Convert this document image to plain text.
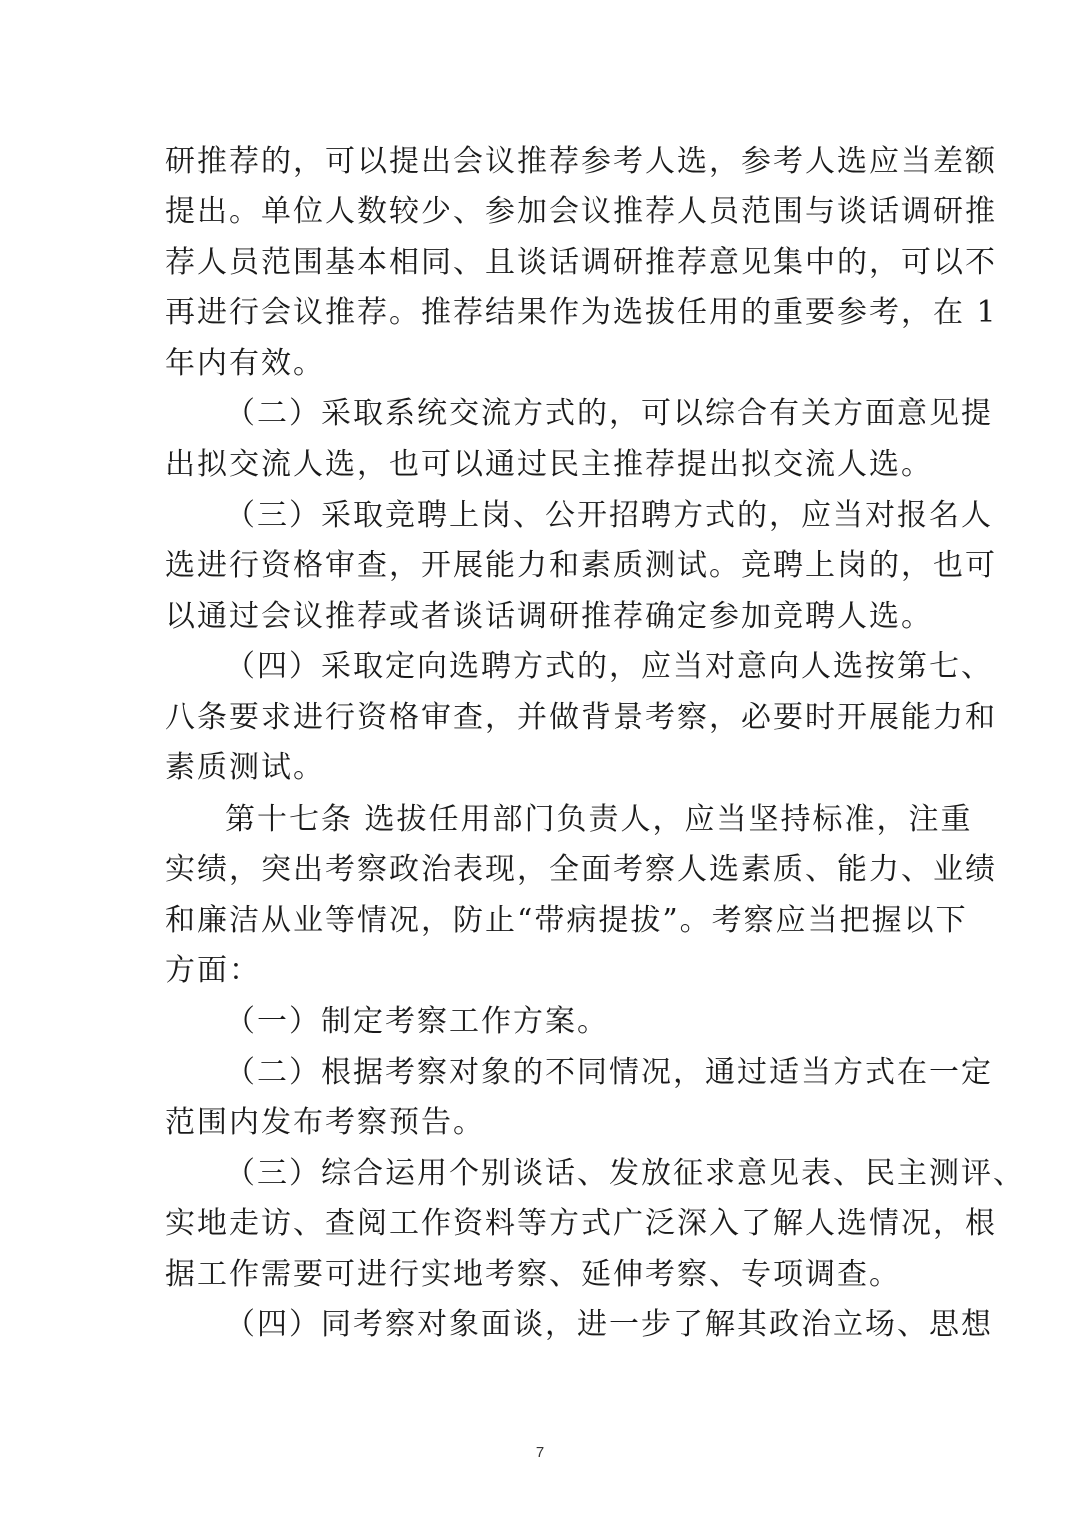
研推荐的，可以提出会议推荐参考人选，参考人选应当差额
提出。单位人数较少、参加会议推荐人员范围与谈话调研推
荐人员范围基本相同、且谈话调研推荐意见集中的，可以不
再进行会议推荐。推荐结果作为选拔任用的重要参考，在 1
年内有效。
（二）采取系统交流方式的，可以综合有关方面意见提
出拟交流人选，也可以通过民主推荐提出拟交流人选。
（三）采取竞聘上岗、公开招聘方式的，应当对报名人
选进行资格审查，开展能力和素质测试。竞聘上岗的，也可
以通过会议推荐或者谈话调研推荐确定参加竞聘人选。
（四）采取定向选聘方式的，应当对意向人选按第七、
八条要求进行资格审查，并做背景考察，必要时开展能力和
素质测试。
第十七条 选拔任用部门负责人，应当坚持标准，注重
实绩，突出考察政治表现，全面考察人选素质、能力、业绩
和廉洁从业等情况，防止“带病提拔”。考察应当把握以下
方面：
（一）制定考察工作方案。
（二）根据考察对象的不同情况，通过适当方式在一定
范围内发布考察预告。
（三）综合运用个别谈话、发放征求意见表、民主测评、
实地走访、查阅工作资料等方式广泛深入了解人选情况，根
据工作需要可进行实地考察、延伸考察、专项调查。
（四）同考察对象面谈，进一步了解其政治立场、思想
7
